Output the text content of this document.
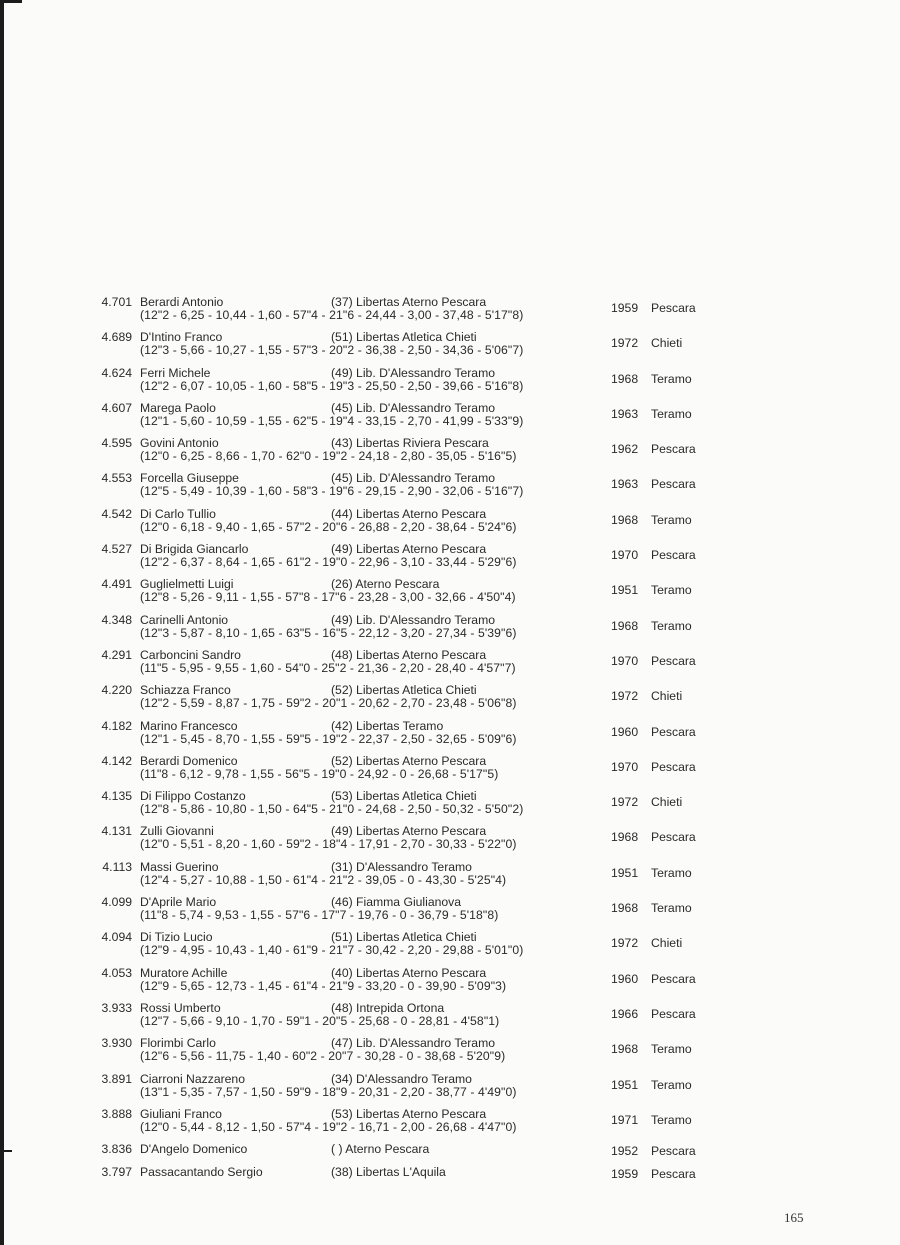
4.701 Berardi Antonio	(37) Libertas Aterno Pescara
(12"2 - 6,25 - 10,44 - 1,60 - 57"4 - 21"6 - 24,44 - 3,00 - 37,48 - 5'17"8)	1959 Pescara
4.689 D'Intino Franco	(51) Libertas Atletica Chieti
(12"3 - 5,66 - 10,27 - 1,55 - 57"3 - 20"2 - 36,38 - 2,50 - 34,36 - 5'06"7)	1972 Chieti
4.624 Ferri Michele	(49) Lib. D'Alessandro Teramo
(12"2 - 6,07 - 10,05 - 1,60 - 58"5 - 19"3 - 25,50 - 2,50 - 39,66 - 5'16"8)	1968 Teramo
4.607 Marega Paolo	(45) Lib. D'Alessandro Teramo
(12"1 - 5,60 - 10,59 - 1,55 - 62"5 - 19"4 - 33,15 - 2,70 - 41,99 - 5'33"9)	1963 Teramo
4.595 Govini Antonio	(43) Libertas Riviera Pescara
(12"0 - 6,25 - 8,66 - 1,70 - 62"0 - 19"2 - 24,18 - 2,80 - 35,05 - 5'16"5)	1962 Pescara
4.553 Forcella Giuseppe	(45) Lib. D'Alessandro Teramo
(12"5 - 5,49 - 10,39 - 1,60 - 58"3 - 19"6 - 29,15 - 2,90 - 32,06 - 5'16"7)	1963 Pescara
4.542 Di Carlo Tullio	(44) Libertas Aterno Pescara
(12"0 - 6,18 - 9,40 - 1,65 - 57"2 - 20"6 - 26,88 - 2,20 - 38,64 - 5'24"6)	1968 Teramo
4.527 Di Brigida Giancarlo	(49) Libertas Aterno Pescara
(12"2 - 6,37 - 8,64 - 1,65 - 61"2 - 19"0 - 22,96 - 3,10 - 33,44 - 5'29"6)	1970 Pescara
4.491 Guglielmetti Luigi	(26) Aterno Pescara
(12"8 - 5,26 - 9,11 - 1,55 - 57"8 - 17"6 - 23,28 - 3,00 - 32,66 - 4'50"4)	1951 Teramo
4.348 Carinelli Antonio	(49) Lib. D'Alessandro Teramo
(12"3 - 5,87 - 8,10 - 1,65 - 63"5 - 16"5 - 22,12 - 3,20 - 27,34 - 5'39"6)	1968 Teramo
4.291 Carboncini Sandro	(48) Libertas Aterno Pescara
(11"5 - 5,95 - 9,55 - 1,60 - 54"0 - 25"2 - 21,36 - 2,20 - 28,40 - 4'57"7)	1970 Pescara
4.220 Schiazza Franco	(52) Libertas Atletica Chieti
(12"2 - 5,59 - 8,87 - 1,75 - 59"2 - 20"1 - 20,62 - 2,70 - 23,48 - 5'06"8)	1972 Chieti
4.182 Marino Francesco	(42) Libertas Teramo
(12"1 - 5,45 - 8,70 - 1,55 - 59"5 - 19"2 - 22,37 - 2,50 - 32,65 - 5'09"6)	1960 Pescara
4.142 Berardi Domenico	(52) Libertas Aterno Pescara
(11"8 - 6,12 - 9,78 - 1,55 - 56"5 - 19"0 - 24,92 - 0 - 26,68 - 5'17"5)	1970 Pescara
4.135 Di Filippo Costanzo	(53) Libertas Atletica Chieti
(12"8 - 5,86 - 10,80 - 1,50 - 64"5 - 21"0 - 24,68 - 2,50 - 50,32 - 5'50"2)	1972 Chieti
4.131 Zulli Giovanni	(49) Libertas Aterno Pescara
(12"0 - 5,51 - 8,20 - 1,60 - 59"2 - 18"4 - 17,91 - 2,70 - 30,33 - 5'22"0)	1968 Pescara
4.113 Massi Guerino	(31) D'Alessandro Teramo
(12"4 - 5,27 - 10,88 - 1,50 - 61"4 - 21"2 - 39,05 - 0 - 43,30 - 5'25"4)	1951 Teramo
4.099 D'Aprile Mario	(46) Fiamma Giulianova
(11"8 - 5,74 - 9,53 - 1,55 - 57"6 - 17"7 - 19,76 - 0 - 36,79 - 5'18"8)	1968 Teramo
4.094 Di Tizio Lucio	(51) Libertas Atletica Chieti
(12"9 - 4,95 - 10,43 - 1,40 - 61"9 - 21"7 - 30,42 - 2,20 - 29,88 - 5'01"0)	1972 Chieti
4.053 Muratore Achille	(40) Libertas Aterno Pescara
(12"9 - 5,65 - 12,73 - 1,45 - 61"4 - 21"9 - 33,20 - 0 - 39,90 - 5'09"3)	1960 Pescara
3.933 Rossi Umberto	(48) Intrepida Ortona
(12"7 - 5,66 - 9,10 - 1,70 - 59"1 - 20"5 - 25,68 - 0 - 28,81 - 4'58"1)	1966 Pescara
3.930 Florimbi Carlo	(47) Lib. D'Alessandro Teramo
(12"6 - 5,56 - 11,75 - 1,40 - 60"2 - 20"7 - 30,28 - 0 - 38,68 - 5'20"9)	1968 Teramo
3.891 Ciarroni Nazzareno	(34) D'Alessandro Teramo
(13"1 - 5,35 - 7,57 - 1,50 - 59"9 - 18"9 - 20,31 - 2,20 - 38,77 - 4'49"0)	1951 Teramo
3.888 Giuliani Franco	(53) Libertas Aterno Pescara
(12"0 - 5,44 - 8,12 - 1,50 - 57"4 - 19"2 - 16,71 - 2,00 - 26,68 - 4'47"0)	1971 Teramo
3.836 D'Angelo Domenico	( ) Aterno Pescara	1952 Pescara
3.797 Passacantando Sergio	(38) Libertas L'Aquila	1959 Pescara
165
